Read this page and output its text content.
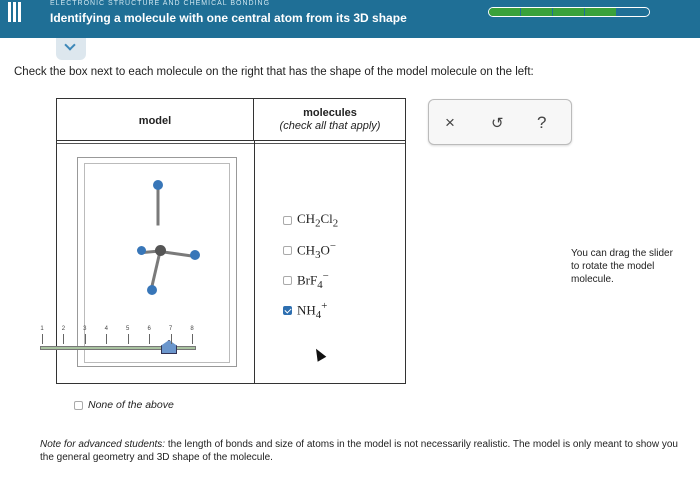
ELECTRONIC STRUCTURE AND CHEMICAL BONDING
Identifying a molecule with one central atom from its 3D shape
Check the box next to each molecule on the right that has the shape of the model molecule on the left:
model
molecules
(check all that apply)
$CH_2Cl_2$
$CH_3O^-$
BrF$_4$−
$NH_4^+$
1	2	3	4	5	6	7	8
None of the above
× ↺ ?
You can drag the slider to rotate the model molecule.
Note for advanced students: the length of bonds and size of atoms in the model is not necessarily realistic. The model is only meant to show you the general geometry and 3D shape of the molecule.
